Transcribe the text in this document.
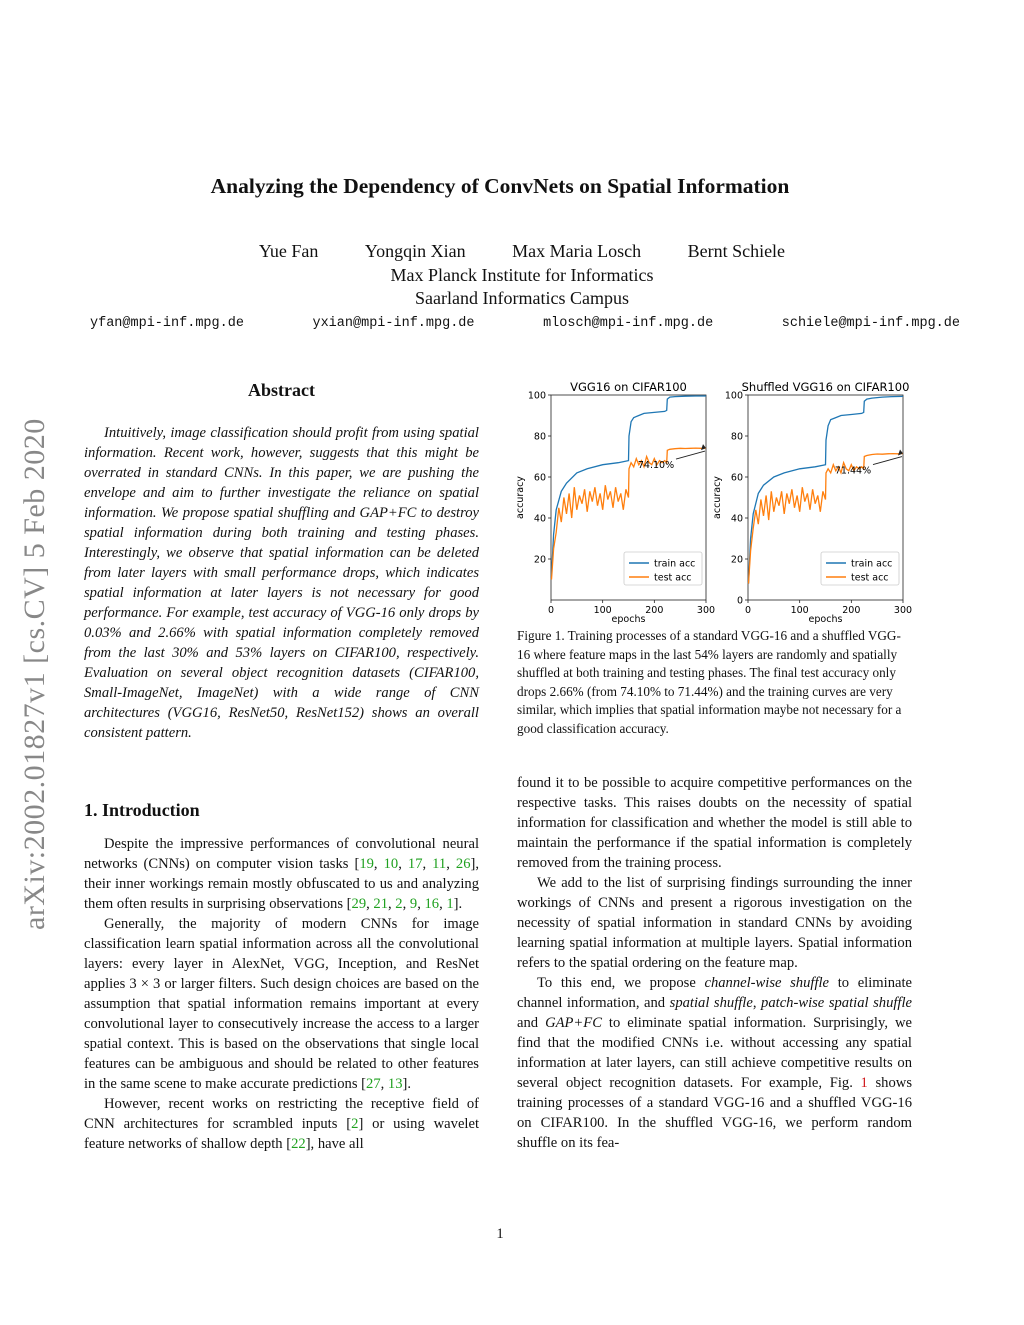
arXiv:2002.01827v1 [cs.CV] 5 Feb 2020
Analyzing the Dependency of ConvNets on Spatial Information
Yue Fan	Yongqin Xian	Max Maria Losch	Bernt Schiele
Max Planck Institute for Informatics
Saarland Informatics Campus
yfan@mpi-inf.mpg.de	yxian@mpi-inf.mpg.de	mlosch@mpi-inf.mpg.de	schiele@mpi-inf.mpg.de
Abstract

Intuitively, image classification should profit from using spatial information. Recent work, however, suggests that this might be overrated in standard CNNs. In this paper, we are pushing the envelope and aim to further investigate the reliance on spatial information. We propose spatial shuffling and GAP+FC to destroy spatial information during both training and testing phases. Interestingly, we observe that spatial information can be deleted from later layers with small performance drops, which indicates spatial information at later layers is not necessary for good performance. For example, test accuracy of VGG-16 only drops by 0.03% and 2.66% with spatial information completely removed from the last 30% and 53% layers on CIFAR100, respectively. Evaluation on several object recognition datasets (CIFAR100, Small-ImageNet, ImageNet) with a wide range of CNN architectures (VGG16, ResNet50, ResNet152) shows an overall consistent pattern.

1. Introduction

Despite the impressive performances of convolutional neural networks (CNNs) on computer vision tasks [19, 10, 17, 11, 26], their inner workings remain mostly obfuscated to us and analyzing them often results in surprising observations [29, 21, 2, 9, 16, 1].

Generally, the majority of modern CNNs for image classification learn spatial information across all the convolutional layers: every layer in AlexNet, VGG, Inception, and ResNet applies 3 × 3 or larger filters. Such design choices are based on the assumption that spatial information remains important at every convolutional layer to consecutively increase the access to a larger spatial context. This is based on the observations that single local features can be ambiguous and should be related to other features in the same scene to make accurate predictions [27, 13].

However, recent works on restricting the receptive field of CNN architectures for scrambled inputs [2] or using wavelet feature networks of shallow depth [22], have all

VGG16 on CIFAR100
20
40
60
80
100
0	100	200	300
epochs
accuracy
74.10%
train acc
test acc
Shuffled VGG16 on CIFAR100
0
20
40
60
80
100
0	100	200	300
epochs
accuracy
71.44%
train acc
test acc
Figure 1. Training processes of a standard VGG-16 and a shuffled VGG-16 where feature maps in the last 54% layers are randomly and spatially shuffled at both training and testing phases. The final test accuracy only drops 2.66% (from 74.10% to 71.44%) and the training curves are very similar, which implies that spatial information maybe not necessary for a good classification accuracy.

found it to be possible to acquire competitive performances on the respective tasks. This raises doubts on the necessity of spatial information for classification and whether the model is still able to maintain the performance if the spatial information is completely removed from the training process.

We add to the list of surprising findings surrounding the inner workings of CNNs and present a rigorous investigation on the necessity of spatial information in standard CNNs by avoiding learning spatial information at multiple layers. Spatial information refers to the spatial ordering on the feature map.

To this end, we propose channel-wise shuffle to eliminate channel information, and spatial shuffle, patch-wise spatial shuffle and GAP+FC to eliminate spatial information. Surprisingly, we find that the modified CNNs i.e. without accessing any spatial information at later layers, can still achieve competitive results on several object recognition datasets. For example, Fig. 1 shows training processes of a standard VGG-16 and a shuffled VGG-16 on CIFAR100. In the shuffled VGG-16, we perform random shuffle on its fea-

1
